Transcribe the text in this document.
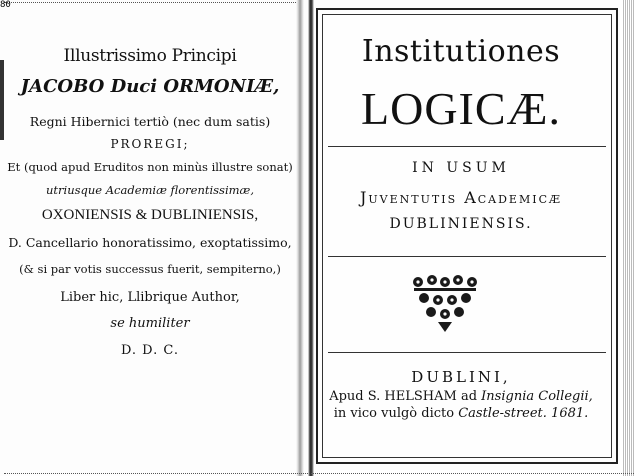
80
Illustrissimo Principi
JACOBO Duci ORMONIÆ,
Regni Hibernici tertiò (nec dum satis)
PROREGI;
Et (quod apud Eruditos non minùs illustre sonat)
utriusque Academiæ florentissimæ,
OXONIENSIS & DUBLINIENSIS,
D. Cancellario honoratissimo, exoptatissimo,
(& si par votis successus fuerit, sempiterno,)
Liber hic, Llibrique Author,
se humiliter
D. D. C.
Institutiones
LOGICÆ.
IN USUM
Juventutis Academicæ
DUBLINIENSIS.
DUBLINI,
Apud S. HELSHAM ad Insignia Collegii,
in vico vulgò dicto Castle-street. 1681.
